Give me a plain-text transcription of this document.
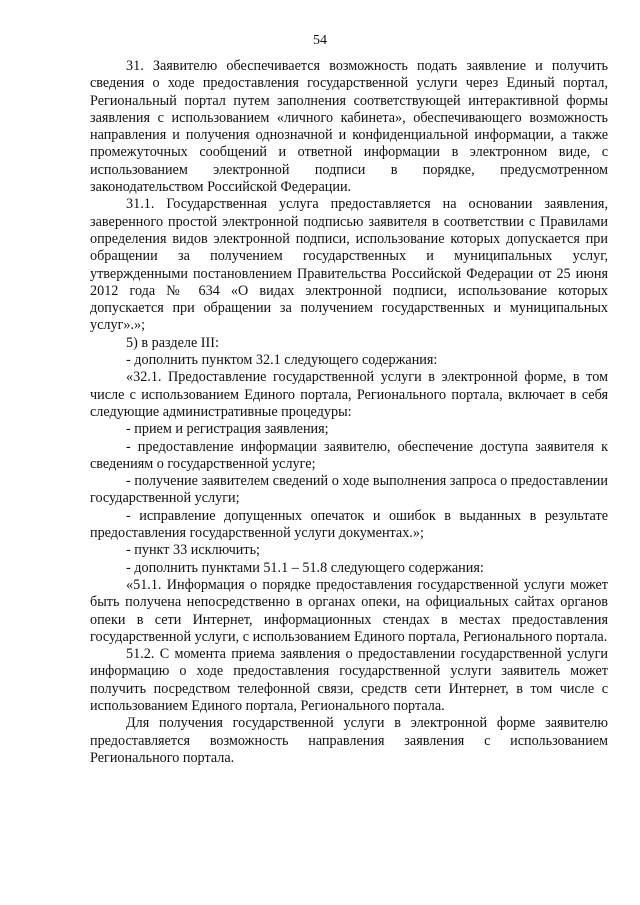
54

31. Заявителю обеспечивается возможность подать заявление и получить сведения о ходе предоставления государственной услуги через Единый портал, Региональный портал путем заполнения соответствующей интерактивной формы заявления с использованием «личного кабинета», обеспечивающего возможность направления и получения однозначной и конфиденциальной информации, а также промежуточных сообщений и ответной информации в электронном виде, с использованием электронной подписи в порядке, предусмотренном законодательством Российской Федерации.

31.1. Государственная услуга предоставляется на основании заявления, заверенного простой электронной подписью заявителя в соответствии с Правилами определения видов электронной подписи, использование которых допускается при обращении за получением государственных и муниципальных услуг, утвержденными постановлением Правительства Российской Федерации от 25 июня 2012 года № 634 «О видах электронной подписи, использование которых допускается при обращении за получением государственных и муниципальных услуг».»;

5) в разделе III:

- дополнить пунктом 32.1 следующего содержания:

«32.1. Предоставление государственной услуги в электронной форме, в том числе с использованием Единого портала, Регионального портала, включает в себя следующие административные процедуры:

- прием и регистрация заявления;

- предоставление информации заявителю, обеспечение доступа заявителя к сведениям о государственной услуге;

- получение заявителем сведений о ходе выполнения запроса о предоставлении государственной услуги;

- исправление допущенных опечаток и ошибок в выданных в результате предоставления государственной услуги документах.»;

- пункт 33 исключить;

- дополнить пунктами 51.1 – 51.8 следующего содержания:

«51.1. Информация о порядке предоставления государственной услуги может быть получена непосредственно в органах опеки, на официальных сайтах органов опеки в сети Интернет, информационных стендах в местах предоставления государственной услуги, с использованием Единого портала, Регионального портала.

51.2. С момента приема заявления о предоставлении государственной услуги информацию о ходе предоставления государственной услуги заявитель может получить посредством телефонной связи, средств сети Интернет, в том числе с использованием Единого портала, Регионального портала.

Для получения государственной услуги в электронной форме заявителю предоставляется возможность направления заявления с использованием Регионального портала.
